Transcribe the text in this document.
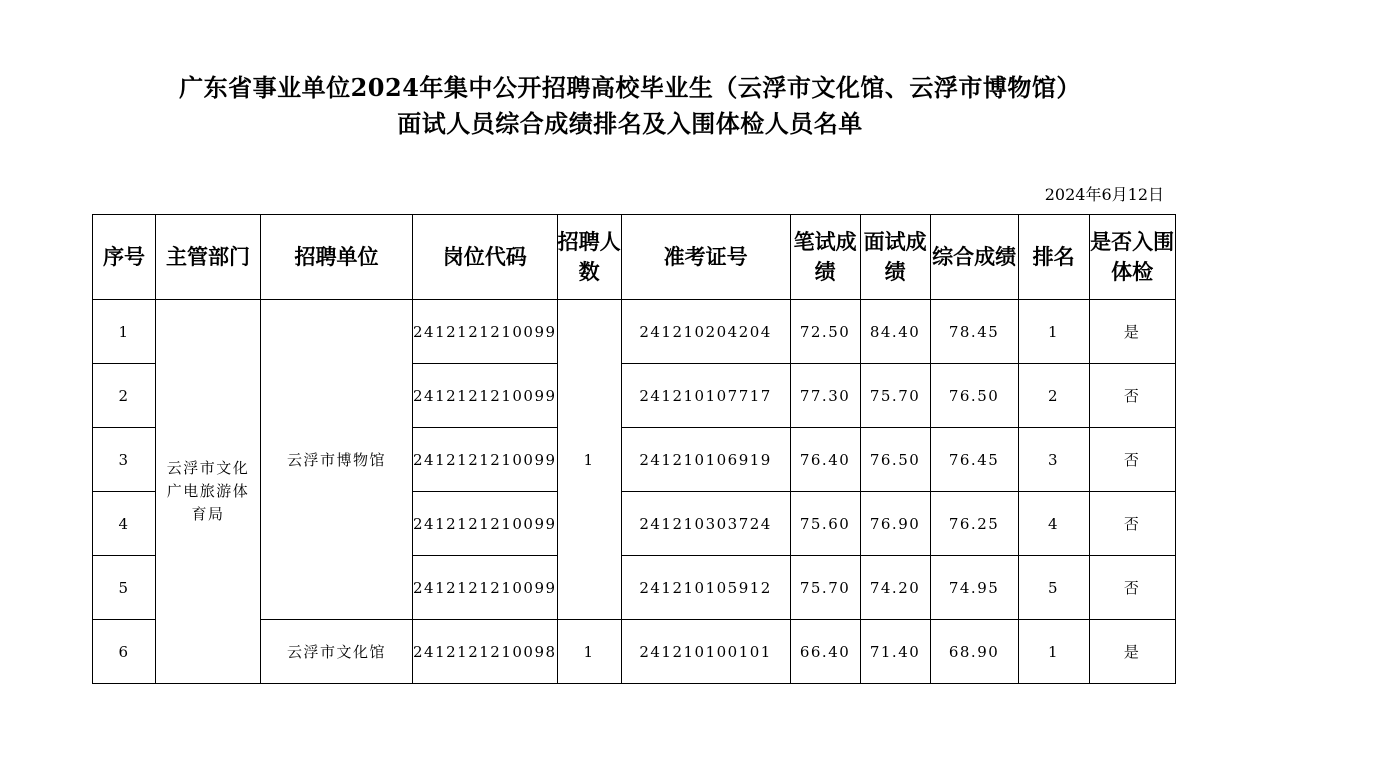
广东省事业单位2024年集中公开招聘高校毕业生（云浮市文化馆、云浮市博物馆）
面试人员综合成绩排名及入围体检人员名单
2024年6月12日
序号	主管部门	招聘单位	岗位代码	招聘人数	准考证号	笔试成绩	面试成绩	综合成绩	排名	是否入围体检
1	云浮市文化广电旅游体育局	云浮市博物馆	2412121210099	1	241210204204	72.50	84.40	78.45	1	是
2			2412121210099		241210107717	77.30	75.70	76.50	2	否
3			2412121210099		241210106919	76.40	76.50	76.45	3	否
4			2412121210099		241210303724	75.60	76.90	76.25	4	否
5			2412121210099		241210105912	75.70	74.20	74.95	5	否
6		云浮市文化馆	2412121210098	1	241210100101	66.40	71.40	68.90	1	是
